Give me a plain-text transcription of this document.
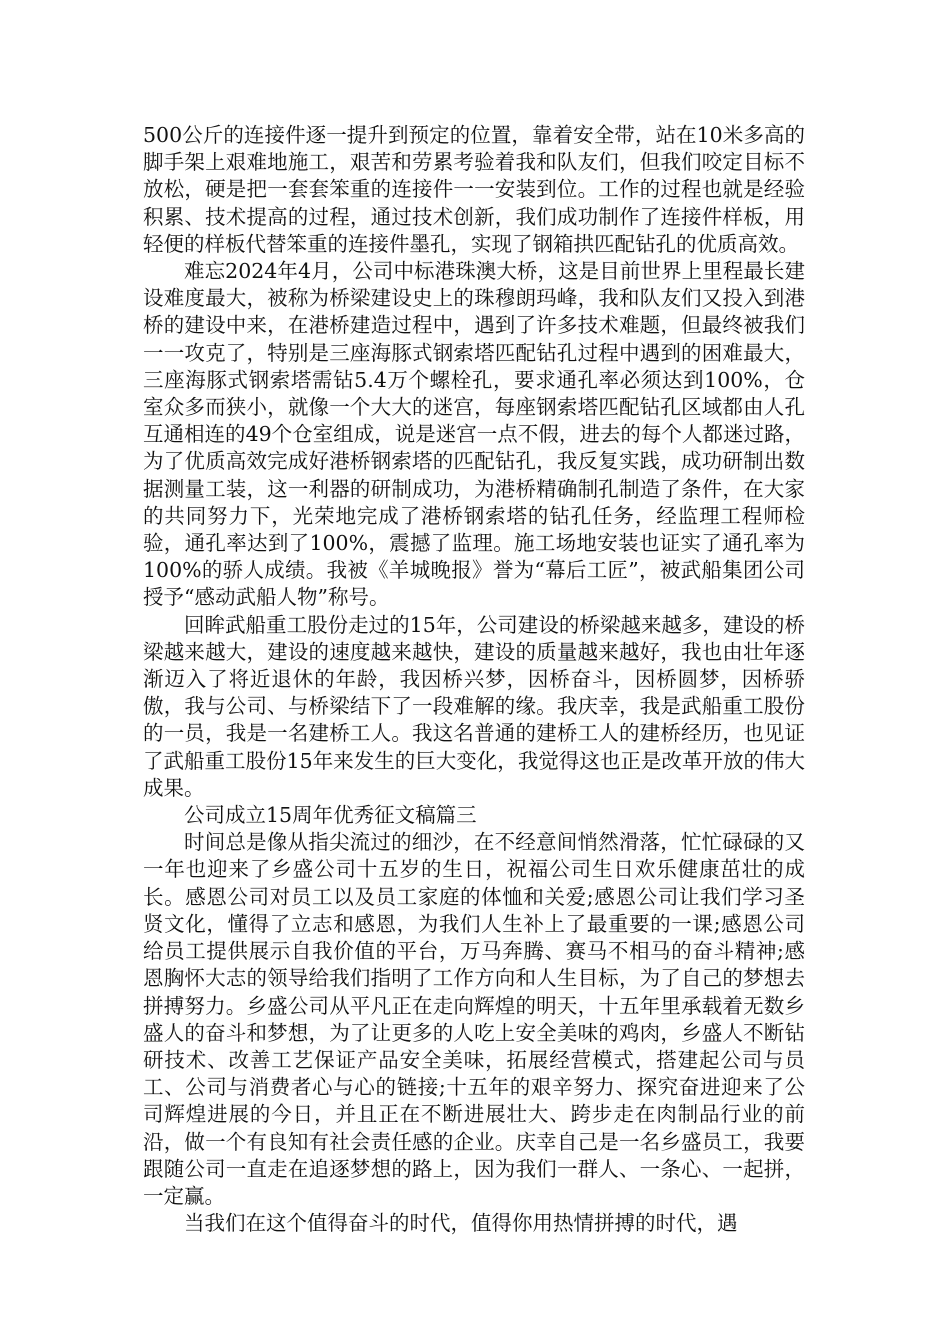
500公斤的连接件逐一提升到预定的位置，靠着安全带，站在10米多高的脚手架上艰难地施工，艰苦和劳累考验着我和队友们，但我们咬定目标不放松，硬是把一套套笨重的连接件一一安装到位。工作的过程也就是经验积累、技术提高的过程，通过技术创新，我们成功制作了连接件样板，用轻便的样板代替笨重的连接件墨孔，实现了钢箱拱匹配钻孔的优质高效。

难忘2024年4月，公司中标港珠澳大桥，这是目前世界上里程最长建设难度最大，被称为桥梁建设史上的珠穆朗玛峰，我和队友们又投入到港桥的建设中来，在港桥建造过程中，遇到了许多技术难题，但最终被我们一一攻克了，特别是三座海豚式钢索塔匹配钻孔过程中遇到的困难最大，三座海豚式钢索塔需钻5.4万个螺栓孔，要求通孔率必须达到100%，仓室众多而狭小，就像一个大大的迷宫，每座钢索塔匹配钻孔区域都由人孔互通相连的49个仓室组成，说是迷宫一点不假，进去的每个人都迷过路，为了优质高效完成好港桥钢索塔的匹配钻孔，我反复实践，成功研制出数据测量工装，这一利器的研制成功，为港桥精确制孔制造了条件，在大家的共同努力下，光荣地完成了港桥钢索塔的钻孔任务，经监理工程师检验，通孔率达到了100%，震撼了监理。施工场地安装也证实了通孔率为100%的骄人成绩。我被《羊城晚报》誉为“幕后工匠”，被武船集团公司授予“感动武船人物”称号。

回眸武船重工股份走过的15年，公司建设的桥梁越来越多，建设的桥梁越来越大，建设的速度越来越快，建设的质量越来越好，我也由壮年逐渐迈入了将近退休的年龄，我因桥兴梦，因桥奋斗，因桥圆梦，因桥骄傲，我与公司、与桥梁结下了一段难解的缘。我庆幸，我是武船重工股份的一员，我是一名建桥工人。我这名普通的建桥工人的建桥经历，也见证了武船重工股份15年来发生的巨大变化，我觉得这也正是改革开放的伟大成果。

公司成立15周年优秀征文稿篇三

时间总是像从指尖流过的细沙，在不经意间悄然滑落，忙忙碌碌的又一年也迎来了乡盛公司十五岁的生日，祝福公司生日欢乐健康茁壮的成长。感恩公司对员工以及员工家庭的体恤和关爱;感恩公司让我们学习圣贤文化，懂得了立志和感恩，为我们人生补上了最重要的一课;感恩公司给员工提供展示自我价值的平台，万马奔腾、赛马不相马的奋斗精神;感恩胸怀大志的领导给我们指明了工作方向和人生目标，为了自己的梦想去拼搏努力。乡盛公司从平凡正在走向辉煌的明天，十五年里承载着无数乡盛人的奋斗和梦想，为了让更多的人吃上安全美味的鸡肉，乡盛人不断钻研技术、改善工艺保证产品安全美味，拓展经营模式，搭建起公司与员工、公司与消费者心与心的链接;十五年的艰辛努力、探究奋进迎来了公司辉煌进展的今日，并且正在不断进展壮大、跨步走在肉制品行业的前沿，做一个有良知有社会责任感的企业。庆幸自己是一名乡盛员工，我要跟随公司一直走在追逐梦想的路上，因为我们一群人、一条心、一起拼，一定赢。

当我们在这个值得奋斗的时代，值得你用热情拼搏的时代，遇
